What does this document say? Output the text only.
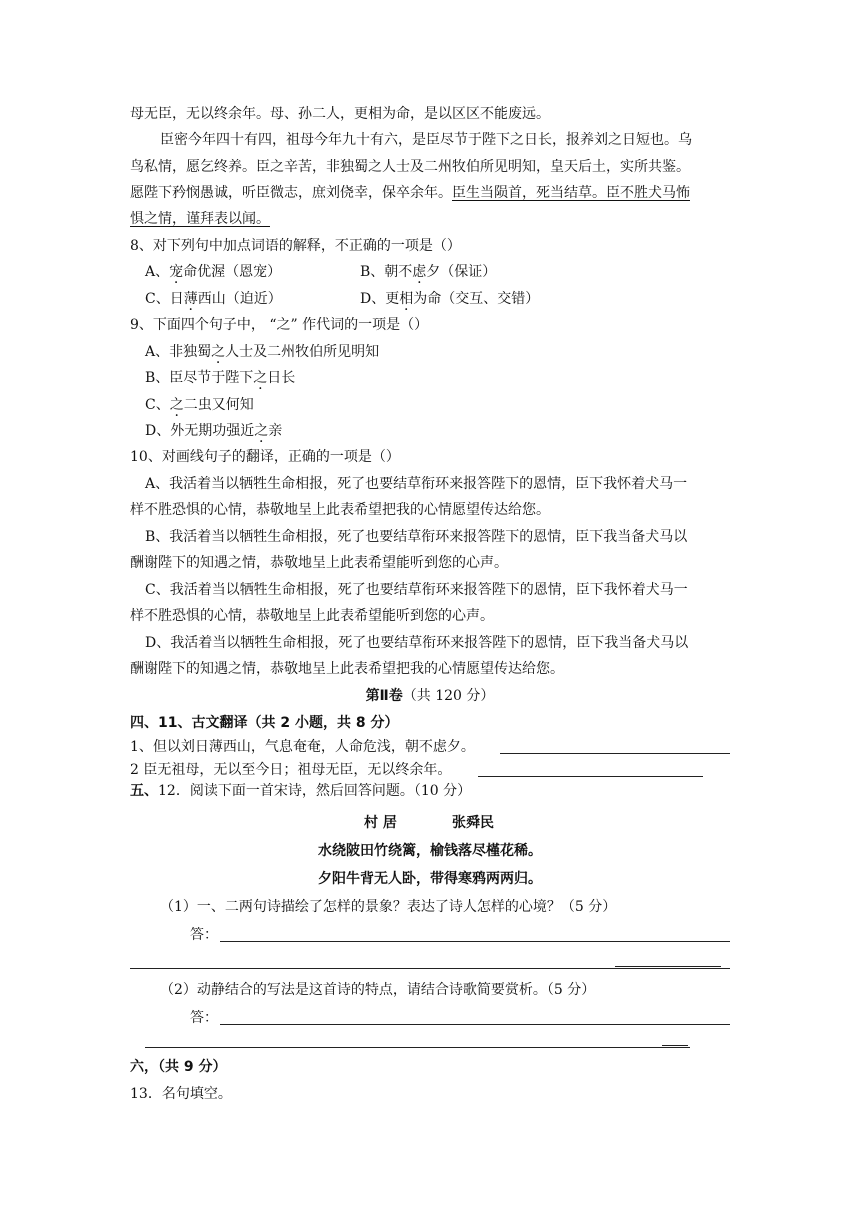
母无臣，无以终余年。母、孙二人，更相为命，是以区区不能废远。
臣密今年四十有四，祖母今年九十有六，是臣尽节于陛下之日长，报养刘之日短也。乌
鸟私情，愿乞终养。臣之辛苦，非独蜀之人士及二州牧伯所见明知，皇天后土，实所共鉴。
愿陛下矜悯愚诚，听臣微志，庶刘侥幸，保卒余年。臣生当陨首，死当结草。臣不胜犬马怖
惧之情，谨拜表以闻。
8、对下列句中加点词语的解释，不正确的一项是（）
A、宠命优渥（恩宠）	B、朝不虑夕（保证）
C、日薄西山（迫近）	D、更相为命（交互、交错）
9、下面四个句子中， “之” 作代词的一项是（）
A、非独蜀之人士及二州牧伯所见明知
B、臣尽节于陛下之日长
C、之二虫又何知
D、外无期功强近之亲
10、对画线句子的翻译，正确的一项是（）
A、我活着当以牺牲生命相报，死了也要结草衔环来报答陛下的恩情，臣下我怀着犬马一
样不胜恐惧的心情，恭敬地呈上此表希望把我的心情愿望传达给您。
B、我活着当以牺牲生命相报，死了也要结草衔环来报答陛下的恩情，臣下我当备犬马以
酬谢陛下的知遇之情，恭敬地呈上此表希望能听到您的心声。
C、我活着当以牺牲生命相报，死了也要结草衔环来报答陛下的恩情，臣下我怀着犬马一
样不胜恐惧的心情，恭敬地呈上此表希望能听到您的心声。
D、我活着当以牺牲生命相报，死了也要结草衔环来报答陛下的恩情，臣下我当备犬马以
酬谢陛下的知遇之情，恭敬地呈上此表希望把我的心情愿望传达给您。
第Ⅱ卷（共 120 分）
四、11、古文翻译（共 2 小题，共 8 分）
1、但以刘日薄西山，气息奄奄，人命危浅，朝不虑夕。
2 臣无祖母，无以至今日；祖母无臣，无以终余年。
五、12．阅读下面一首宋诗，然后回答问题。（10 分）
村 居	张舜民
水绕陂田竹绕篱，榆钱落尽槿花稀。
夕阳牛背无人卧，带得寒鸦两两归。
（1）一、二两句诗描绘了怎样的景象？表达了诗人怎样的心境？（5 分）
答：
（2）动静结合的写法是这首诗的特点，请结合诗歌简要赏析。（5 分）
答：
六，（共 9 分）
13．名句填空。
